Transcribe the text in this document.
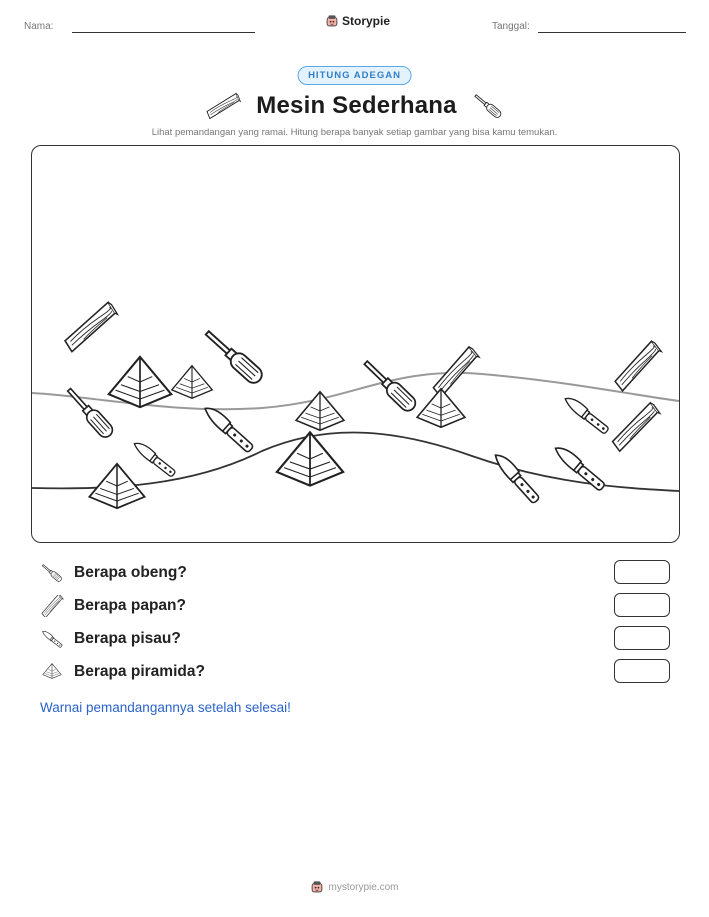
Nama:	Storypie	Tanggal:
HITUNG ADEGAN
Mesin Sederhana
Lihat pemandangan yang ramai. Hitung berapa banyak setiap gambar yang bisa kamu temukan.
Berapa obeng?
Berapa papan?
Berapa pisau?
Berapa piramida?
Warnai pemandangannya setelah selesai!
mystorypie.com
